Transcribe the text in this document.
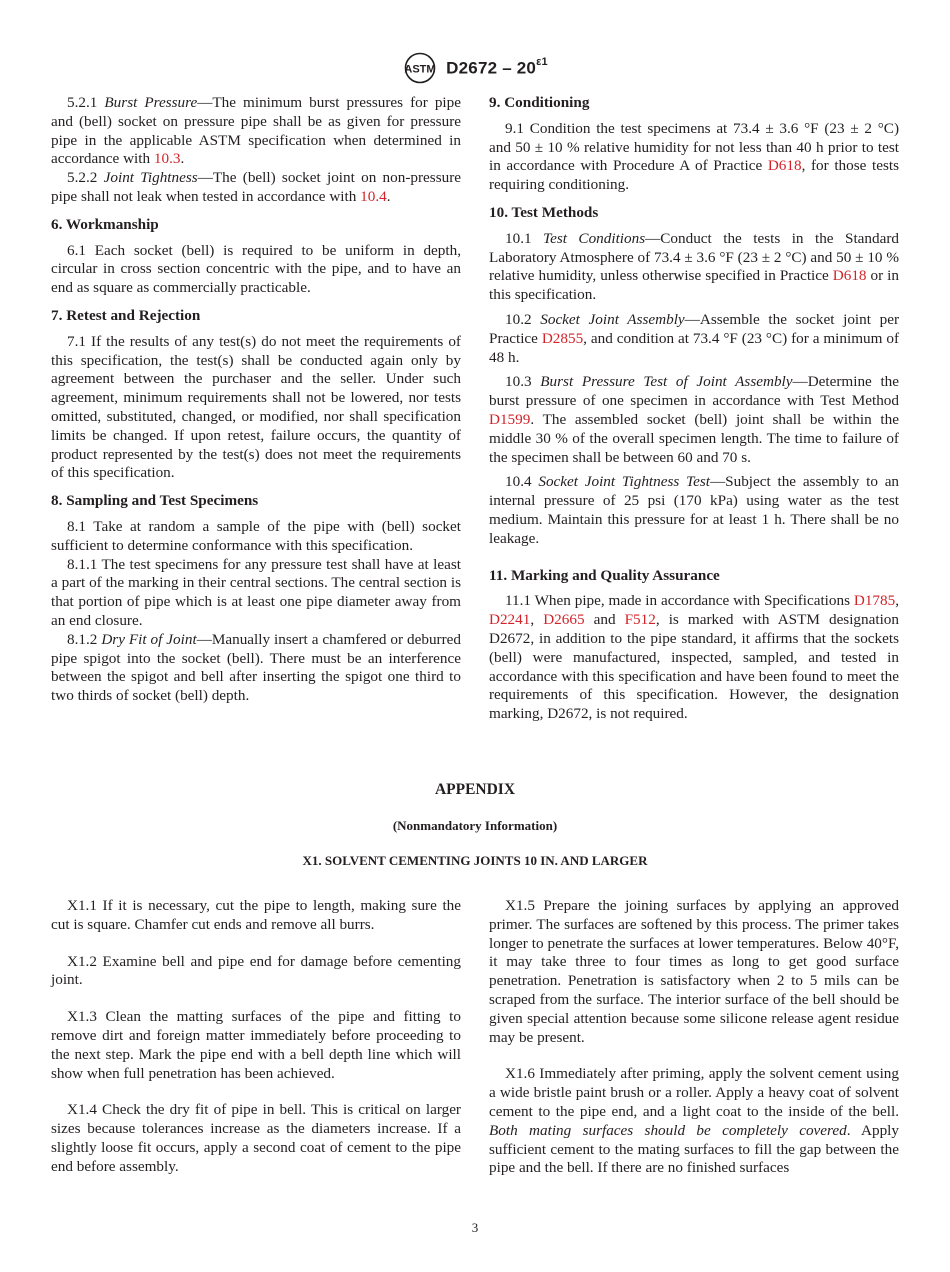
ASTM $D2672 - 20^{\varepsilon 1}$

5.2.1 Burst Pressure—The minimum burst pressures for pipe and (bell) socket on pressure pipe shall be as given for pressure pipe in the applicable ASTM specification when determined in accordance with 10.3.

5.2.2 Joint Tightness—The (bell) socket joint on non-pressure pipe shall not leak when tested in accordance with 10.4.

6. Workmanship

6.1 Each socket (bell) is required to be uniform in depth, circular in cross section concentric with the pipe, and to have an end as square as commercially practicable.

7. Retest and Rejection

7.1 If the results of any test(s) do not meet the requirements of this specification, the test(s) shall be conducted again only by agreement between the purchaser and the seller. Under such agreement, minimum requirements shall not be lowered, nor tests omitted, substituted, changed, or modified, nor shall specification limits be changed. If upon retest, failure occurs, the quantity of product represented by the test(s) does not meet the requirements of this specification.

8. Sampling and Test Specimens

8.1 Take at random a sample of the pipe with (bell) socket sufficient to determine conformance with this specification.

8.1.1 The test specimens for any pressure test shall have at least a part of the marking in their central sections. The central section is that portion of pipe which is at least one pipe diameter away from an end closure.

8.1.2 Dry Fit of Joint—Manually insert a chamfered or deburred pipe spigot into the socket (bell). There must be an interference between the spigot and bell after inserting the spigot one third to two thirds of socket (bell) depth.

9. Conditioning

9.1 Condition the test specimens at 73.4 ± 3.6 °F (23 ± 2 °C) and 50 ± 10 % relative humidity for not less than 40 h prior to test in accordance with Procedure A of Practice D618, for those tests requiring conditioning.

10. Test Methods

10.1 Test Conditions—Conduct the tests in the Standard Laboratory Atmosphere of 73.4 ± 3.6 °F (23 ± 2 °C) and 50 ± 10 % relative humidity, unless otherwise specified in Practice D618 or in this specification.

10.2 Socket Joint Assembly—Assemble the socket joint per Practice D2855, and condition at 73.4 °F (23 °C) for a minimum of 48 h.

10.3 Burst Pressure Test of Joint Assembly—Determine the burst pressure of one specimen in accordance with Test Method D1599. The assembled socket (bell) joint shall be within the middle 30 % of the overall specimen length. The time to failure of the specimen shall be between 60 and 70 s.

10.4 Socket Joint Tightness Test—Subject the assembly to an internal pressure of 25 psi (170 kPa) using water as the test medium. Maintain this pressure for at least 1 h. There shall be no leakage.

11. Marking and Quality Assurance

11.1 When pipe, made in accordance with Specifications D1785, D2241, D2665 and F512, is marked with ASTM designation D2672, in addition to the pipe standard, it affirms that the sockets (bell) were manufactured, inspected, sampled, and tested in accordance with this specification and have been found to meet the requirements of this specification. However, the designation marking, D2672, is not required.

APPENDIX
(Nonmandatory Information)
X1. SOLVENT CEMENTING JOINTS 10 IN. AND LARGER

X1.1 If it is necessary, cut the pipe to length, making sure the cut is square. Chamfer cut ends and remove all burrs.

X1.2 Examine bell and pipe end for damage before cementing joint.

X1.3 Clean the matting surfaces of the pipe and fitting to remove dirt and foreign matter immediately before proceeding to the next step. Mark the pipe end with a bell depth line which will show when full penetration has been achieved.

X1.4 Check the dry fit of pipe in bell. This is critical on larger sizes because tolerances increase as the diameters increase. If a slightly loose fit occurs, apply a second coat of cement to the pipe end before assembly.

X1.5 Prepare the joining surfaces by applying an approved primer. The surfaces are softened by this process. The primer takes longer to penetrate the surfaces at lower temperatures. Below 40°F, it may take three to four times as long to get good surface penetration. Penetration is satisfactory when 2 to 5 mils can be scraped from the surface. The interior surface of the bell should be given special attention because some silicone release agent residue may be present.

X1.6 Immediately after priming, apply the solvent cement using a wide bristle paint brush or a roller. Apply a heavy coat of solvent cement to the pipe end, and a light coat to the inside of the bell. Both mating surfaces should be completely covered. Apply sufficient cement to the mating surfaces to fill the gap between the pipe and the bell. If there are no finished surfaces

3
